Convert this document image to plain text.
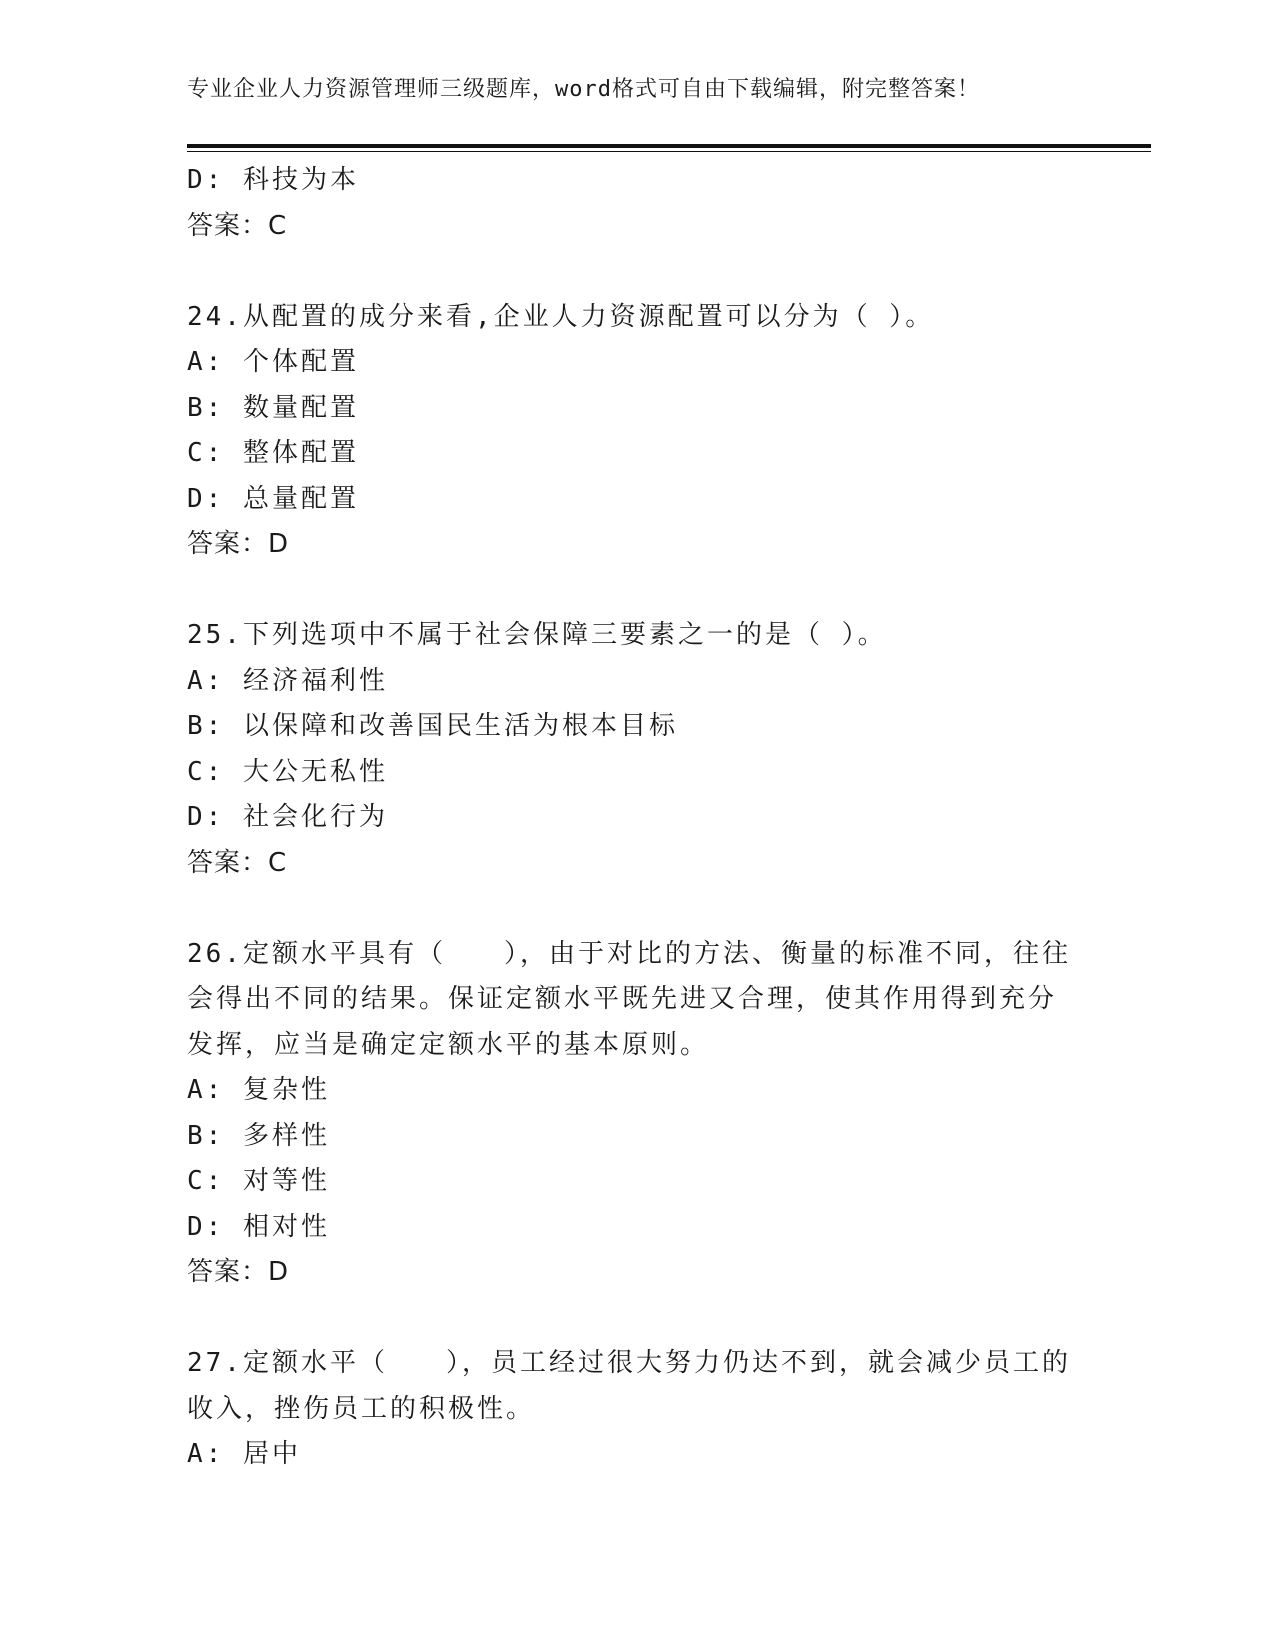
专业企业人力资源管理师三级题库，word格式可自由下载编辑，附完整答案！
D: 科技为本
答案：C
24.从配置的成分来看,企业人力资源配置可以分为（ ）。
A: 个体配置
B: 数量配置
C: 整体配置
D: 总量配置
答案：D
25.下列选项中不属于社会保障三要素之一的是（ ）。
A: 经济福利性
B: 以保障和改善国民生活为根本目标
C: 大公无私性
D: 社会化行为
答案：C
26.定额水平具有（　　），由于对比的方法、衡量的标准不同，往往
会得出不同的结果。保证定额水平既先进又合理，使其作用得到充分
发挥，应当是确定定额水平的基本原则。
A: 复杂性
B: 多样性
C: 对等性
D: 相对性
答案：D
27.定额水平（　　），员工经过很大努力仍达不到，就会减少员工的
收入，挫伤员工的积极性。
A: 居中
